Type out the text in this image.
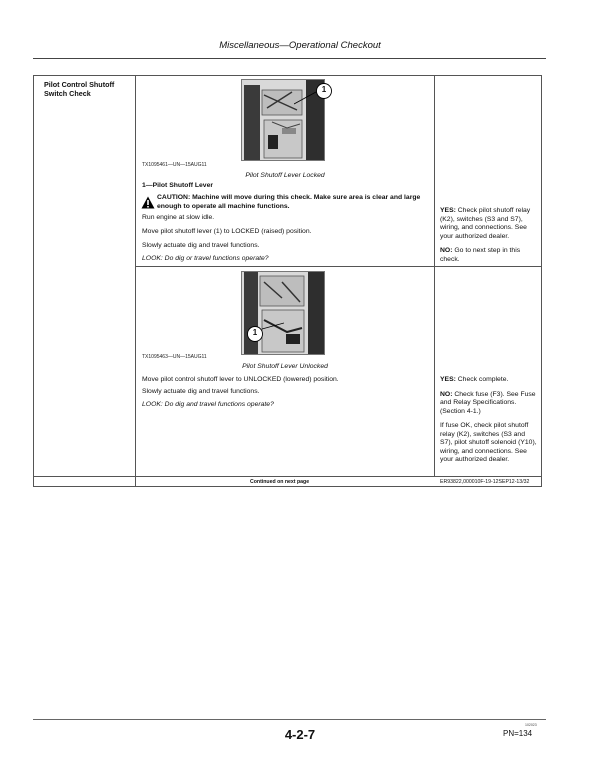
Miscellaneous—Operational Checkout
Pilot Control Shutoff Switch Check	1
TX1095461—UN—15AUG11
Pilot Shutoff Lever Locked
1—Pilot Shutoff Lever
CAUTION: Machine will move during this check. Make sure area is clear and large enough to operate all machine functions.
Run engine at slow idle.
Move pilot shutoff lever (1) to LOCKED (raised) position.
Slowly actuate dig and travel functions.
LOOK: Do dig or travel functions operate?

YES: Check pilot shutoff relay (K2), switches (S3 and S7), wiring, and connections. See your authorized dealer.

NO: Go to next step in this check.

1
TX1095463—UN—15AUG11
Pilot Shutoff Lever Unlocked
Move pilot control shutoff lever to UNLOCKED (lowered) position.
Slowly actuate dig and travel functions.
LOOK: Do dig and travel functions operate?

YES: Check complete.

NO: Check fuse (F3). See Fuse and Relay Specifications. (Section 4-1.)

If fuse OK, check pilot shutoff relay (K2), switches (S3 and S7), pilot shutoff solenoid (Y10), wiring, and connections. See your authorized dealer.

Continued on next page	ER93822,000010F-19-12SEP12-13/32
4-2-7
102023
PN=134
